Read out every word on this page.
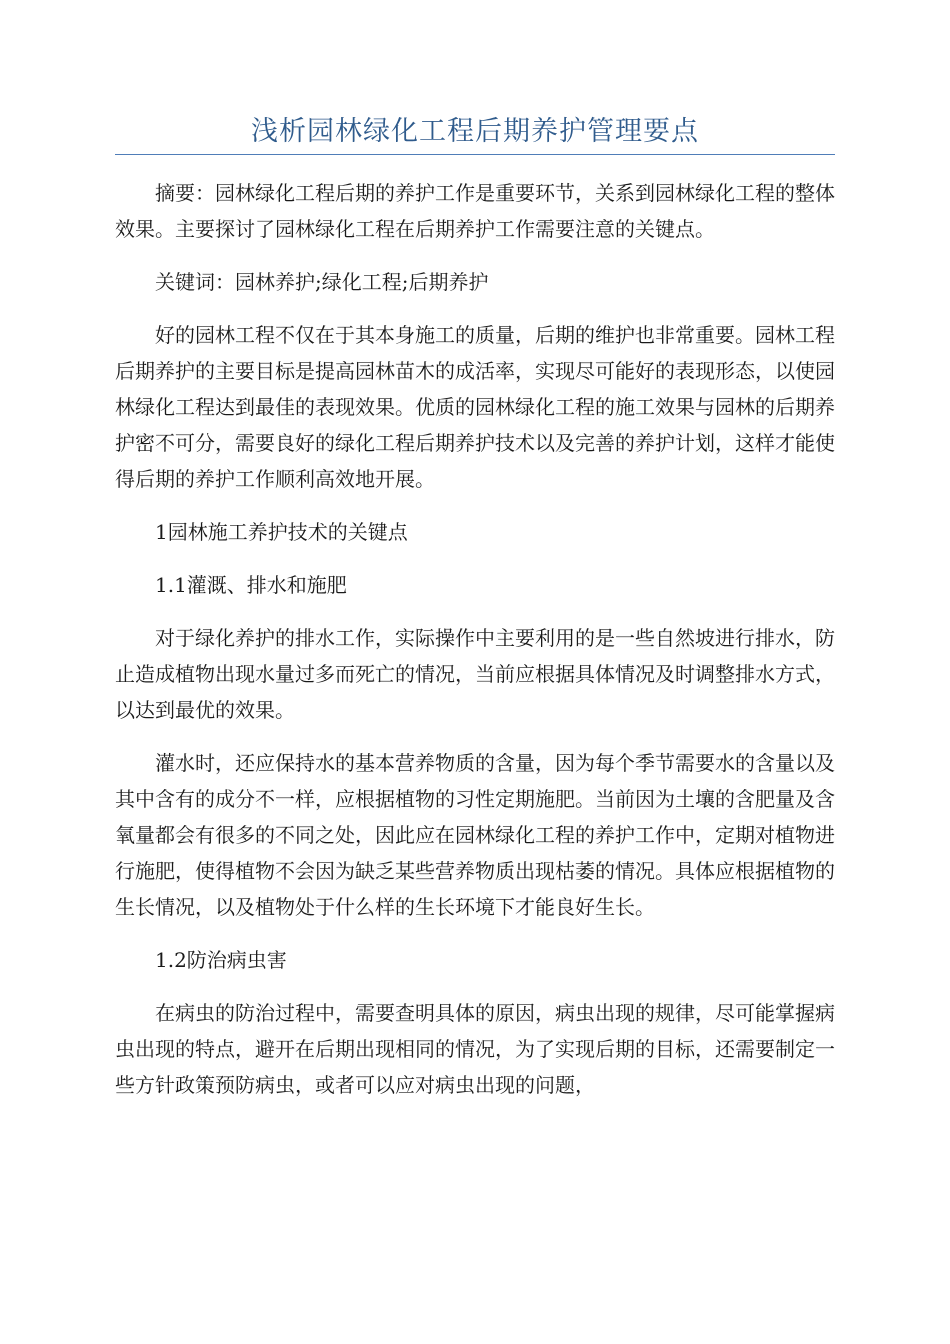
浅析园林绿化工程后期养护管理要点

摘要：园林绿化工程后期的养护工作是重要环节，关系到园林绿化工程的整体效果。主要探讨了园林绿化工程在后期养护工作需要注意的关键点。

关键词：园林养护;绿化工程;后期养护

好的园林工程不仅在于其本身施工的质量，后期的维护也非常重要。园林工程后期养护的主要目标是提高园林苗木的成活率，实现尽可能好的表现形态，以使园林绿化工程达到最佳的表现效果。优质的园林绿化工程的施工效果与园林的后期养护密不可分，需要良好的绿化工程后期养护技术以及完善的养护计划，这样才能使得后期的养护工作顺利高效地开展。

1园林施工养护技术的关键点

1.1灌溉、排水和施肥

对于绿化养护的排水工作，实际操作中主要利用的是一些自然坡进行排水，防止造成植物出现水量过多而死亡的情况，当前应根据具体情况及时调整排水方式，以达到最优的效果。

灌水时，还应保持水的基本营养物质的含量，因为每个季节需要水的含量以及其中含有的成分不一样，应根据植物的习性定期施肥。当前因为土壤的含肥量及含氧量都会有很多的不同之处，因此应在园林绿化工程的养护工作中，定期对植物进行施肥，使得植物不会因为缺乏某些营养物质出现枯萎的情况。具体应根据植物的生长情况，以及植物处于什么样的生长环境下才能良好生长。

1.2防治病虫害

在病虫的防治过程中，需要查明具体的原因，病虫出现的规律，尽可能掌握病虫出现的特点，避开在后期出现相同的情况，为了实现后期的目标，还需要制定一些方针政策预防病虫，或者可以应对病虫出现的问题，
